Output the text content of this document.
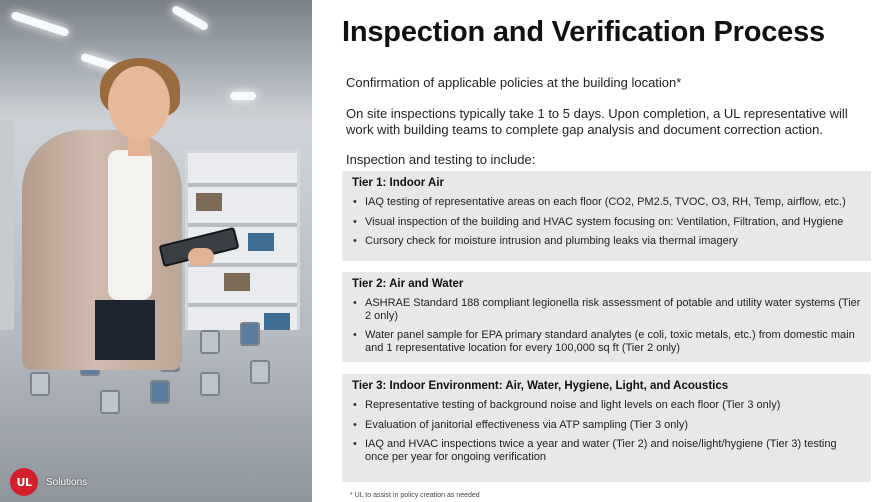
UL	Solutions
Inspection and Verification Process

Confirmation of applicable policies at the building location*

On site inspections typically take 1 to 5 days. Upon completion, a UL representative will work with building teams to complete gap analysis and document correction action.

Inspection and testing to include:

Tier 1: Indoor Air
• IAQ testing of representative areas on each floor (CO2, PM2.5, TVOC, O3, RH, Temp, airflow, etc.)
• Visual inspection of the building and HVAC system focusing on: Ventilation, Filtration, and Hygiene
• Cursory check for moisture intrusion and plumbing leaks via thermal imagery
Tier 2: Air and Water
• ASHRAE Standard 188 compliant legionella risk assessment of potable and utility water systems (Tier 2 only)
• Water panel sample for EPA primary standard analytes (e coli, toxic metals, etc.) from domestic main and 1 representative location for every 100,000 sq ft (Tier 2 only)
Tier 3: Indoor Environment: Air, Water, Hygiene, Light, and Acoustics
• Representative testing of background noise and light levels on each floor (Tier 3 only)
• Evaluation of janitorial effectiveness via ATP sampling (Tier 3 only)
• IAQ and HVAC inspections twice a year and water (Tier 2) and noise/light/hygiene (Tier 3) testing once per year for ongoing verification

* UL to assist in policy creation as needed
